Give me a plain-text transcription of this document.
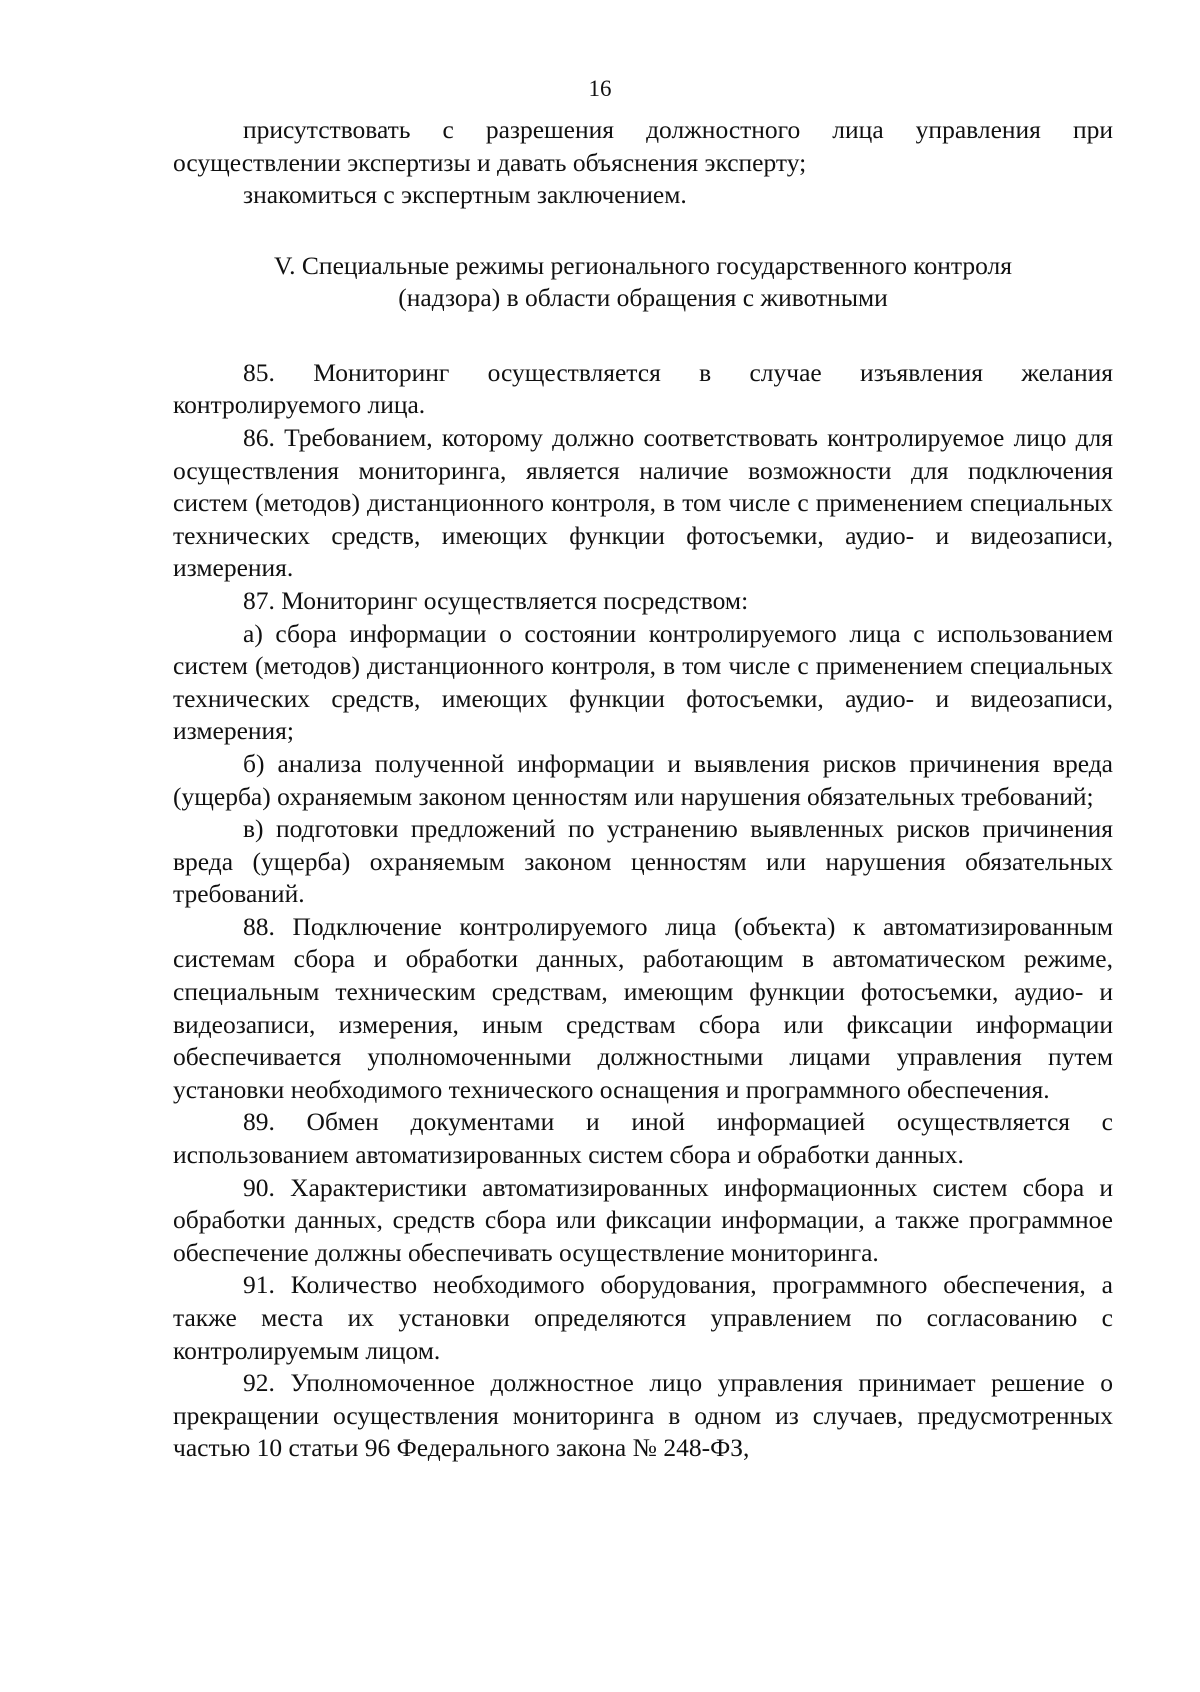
16

присутствовать с разрешения должностного лица управления при осуществлении экспертизы и давать объяснения эксперту;

знакомиться с экспертным заключением.

V. Специальные режимы регионального государственного контроля
(надзора) в области обращения с животными

85. Мониторинг осуществляется в случае изъявления желания контролируемого лица.

86. Требованием, которому должно соответствовать контролируемое лицо для осуществления мониторинга, является наличие возможности для подключения систем (методов) дистанционного контроля, в том числе с применением специальных технических средств, имеющих функции фотосъемки, аудио- и видеозаписи, измерения.

87. Мониторинг осуществляется посредством:

а) сбора информации о состоянии контролируемого лица с использованием систем (методов) дистанционного контроля, в том числе с применением специальных технических средств, имеющих функции фотосъемки, аудио- и видеозаписи, измерения;

б) анализа полученной информации и выявления рисков причинения вреда (ущерба) охраняемым законом ценностям или нарушения обязательных требований;

в) подготовки предложений по устранению выявленных рисков причинения вреда (ущерба) охраняемым законом ценностям или нарушения обязательных требований.

88. Подключение контролируемого лица (объекта) к автоматизированным системам сбора и обработки данных, работающим в автоматическом режиме, специальным техническим средствам, имеющим функции фотосъемки, аудио- и видеозаписи, измерения, иным средствам сбора или фиксации информации обеспечивается уполномоченными должностными лицами управления путем установки необходимого технического оснащения и программного обеспечения.

89. Обмен документами и иной информацией осуществляется с использованием автоматизированных систем сбора и обработки данных.

90. Характеристики автоматизированных информационных систем сбора и обработки данных, средств сбора или фиксации информации, а также программное обеспечение должны обеспечивать осуществление мониторинга.

91. Количество необходимого оборудования, программного обеспечения, а также места их установки определяются управлением по согласованию с контролируемым лицом.

92. Уполномоченное должностное лицо управления принимает решение о прекращении осуществления мониторинга в одном из случаев, предусмотренных частью 10 статьи 96 Федерального закона № 248-ФЗ,
